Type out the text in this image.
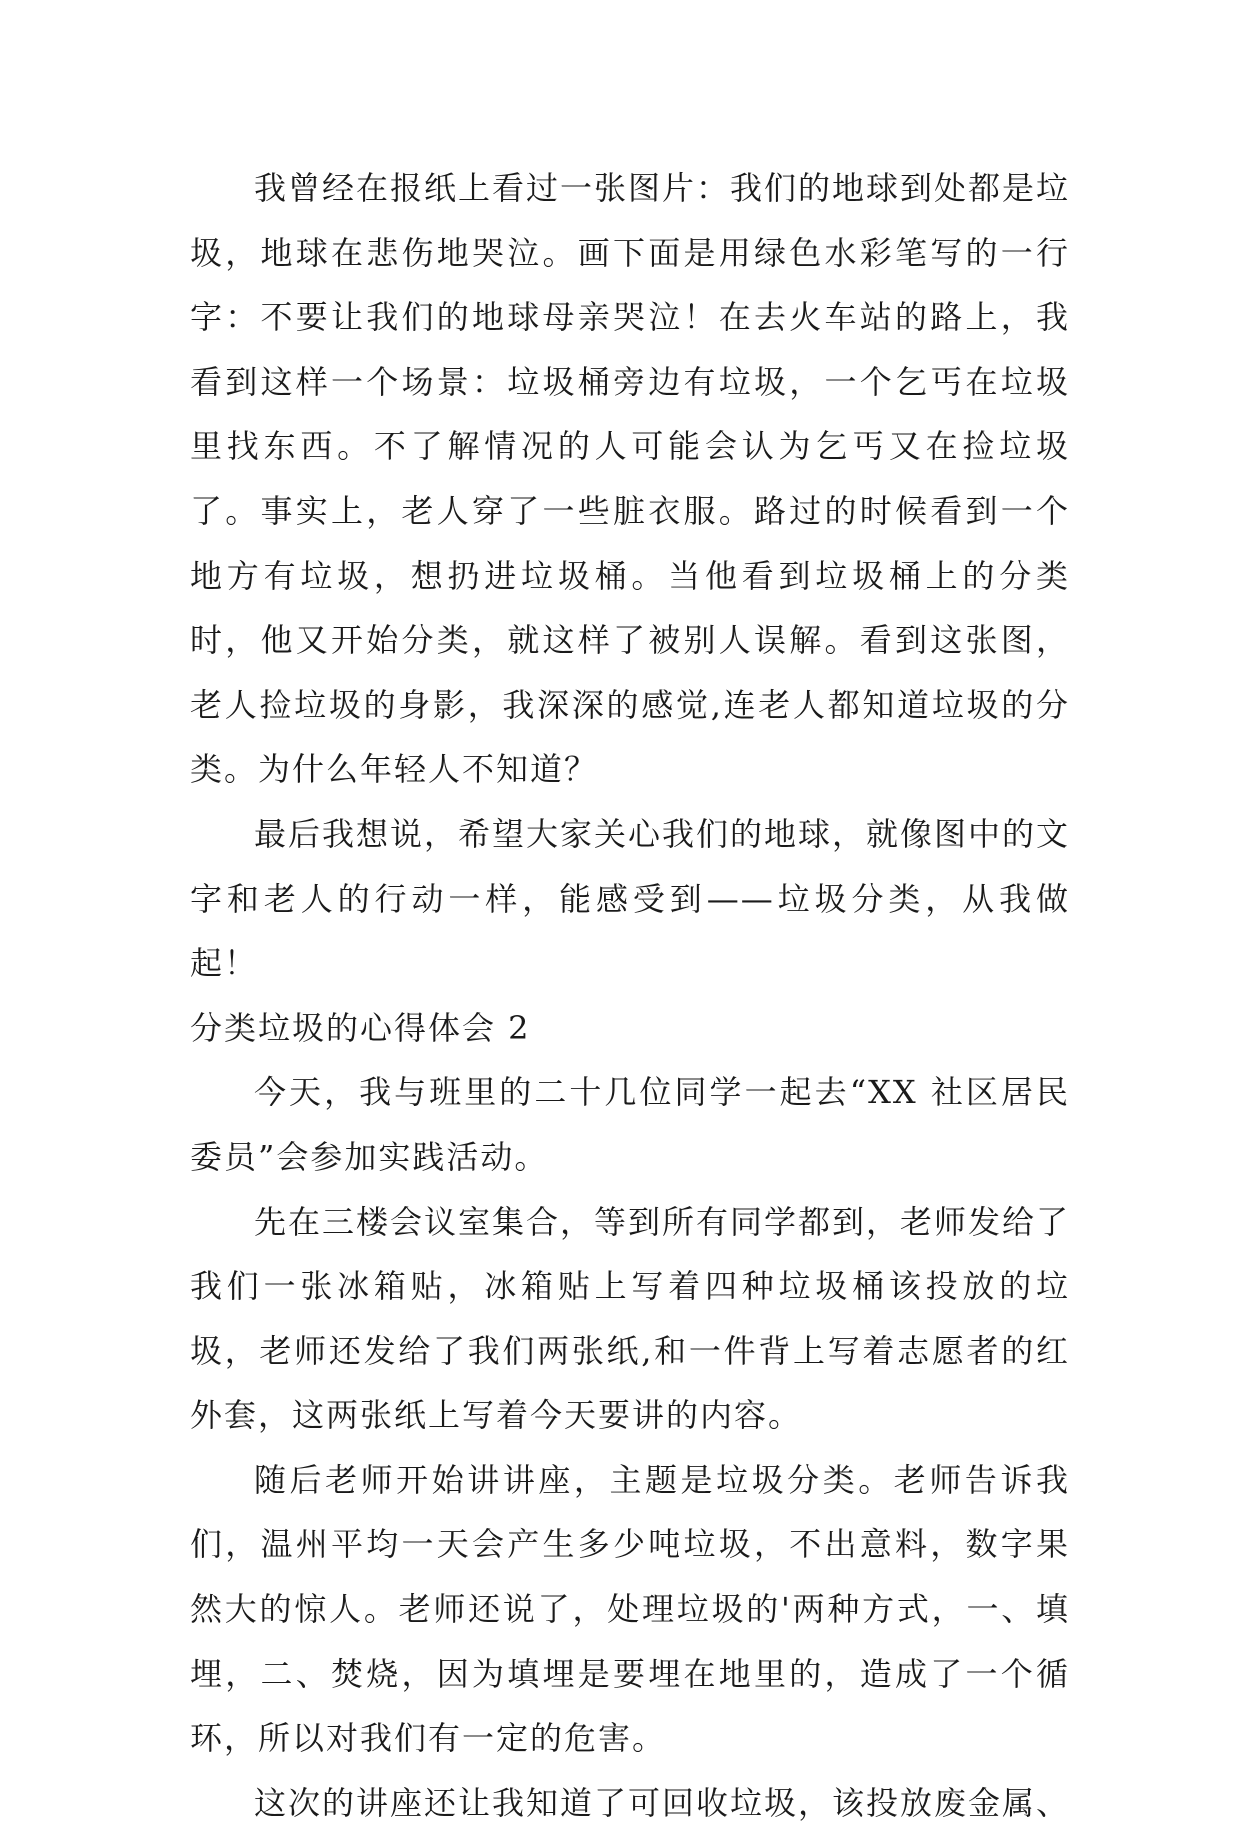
我曾经在报纸上看过一张图片：我们的地球到处都是垃圾，地球在悲伤地哭泣。画下面是用绿色水彩笔写的一行字：不要让我们的地球母亲哭泣！在去火车站的路上，我看到这样一个场景：垃圾桶旁边有垃圾，一个乞丐在垃圾里找东西。不了解情况的人可能会认为乞丐又在捡垃圾了。事实上，老人穿了一些脏衣服。路过的时候看到一个地方有垃圾，想扔进垃圾桶。当他看到垃圾桶上的分类时，他又开始分类，就这样了被别人误解。看到这张图，老人捡垃圾的身影，我深深的感觉,连老人都知道垃圾的分类。为什么年轻人不知道？

最后我想说，希望大家关心我们的地球，就像图中的文字和老人的行动一样，能感受到——垃圾分类，从我做起！

分类垃圾的心得体会 2

今天，我与班里的二十几位同学一起去“XX 社区居民委员”会参加实践活动。

先在三楼会议室集合，等到所有同学都到，老师发给了我们一张冰箱贴，冰箱贴上写着四种垃圾桶该投放的垃圾，老师还发给了我们两张纸,和一件背上写着志愿者的红外套，这两张纸上写着今天要讲的内容。

随后老师开始讲讲座，主题是垃圾分类。老师告诉我们，温州平均一天会产生多少吨垃圾，不出意料，数字果然大的惊人。老师还说了，处理垃圾的'两种方式，一、填埋，二、焚烧，因为填埋是要埋在地里的，造成了一个循环，所以对我们有一定的危害。

这次的讲座还让我知道了可回收垃圾，该投放废金属、
